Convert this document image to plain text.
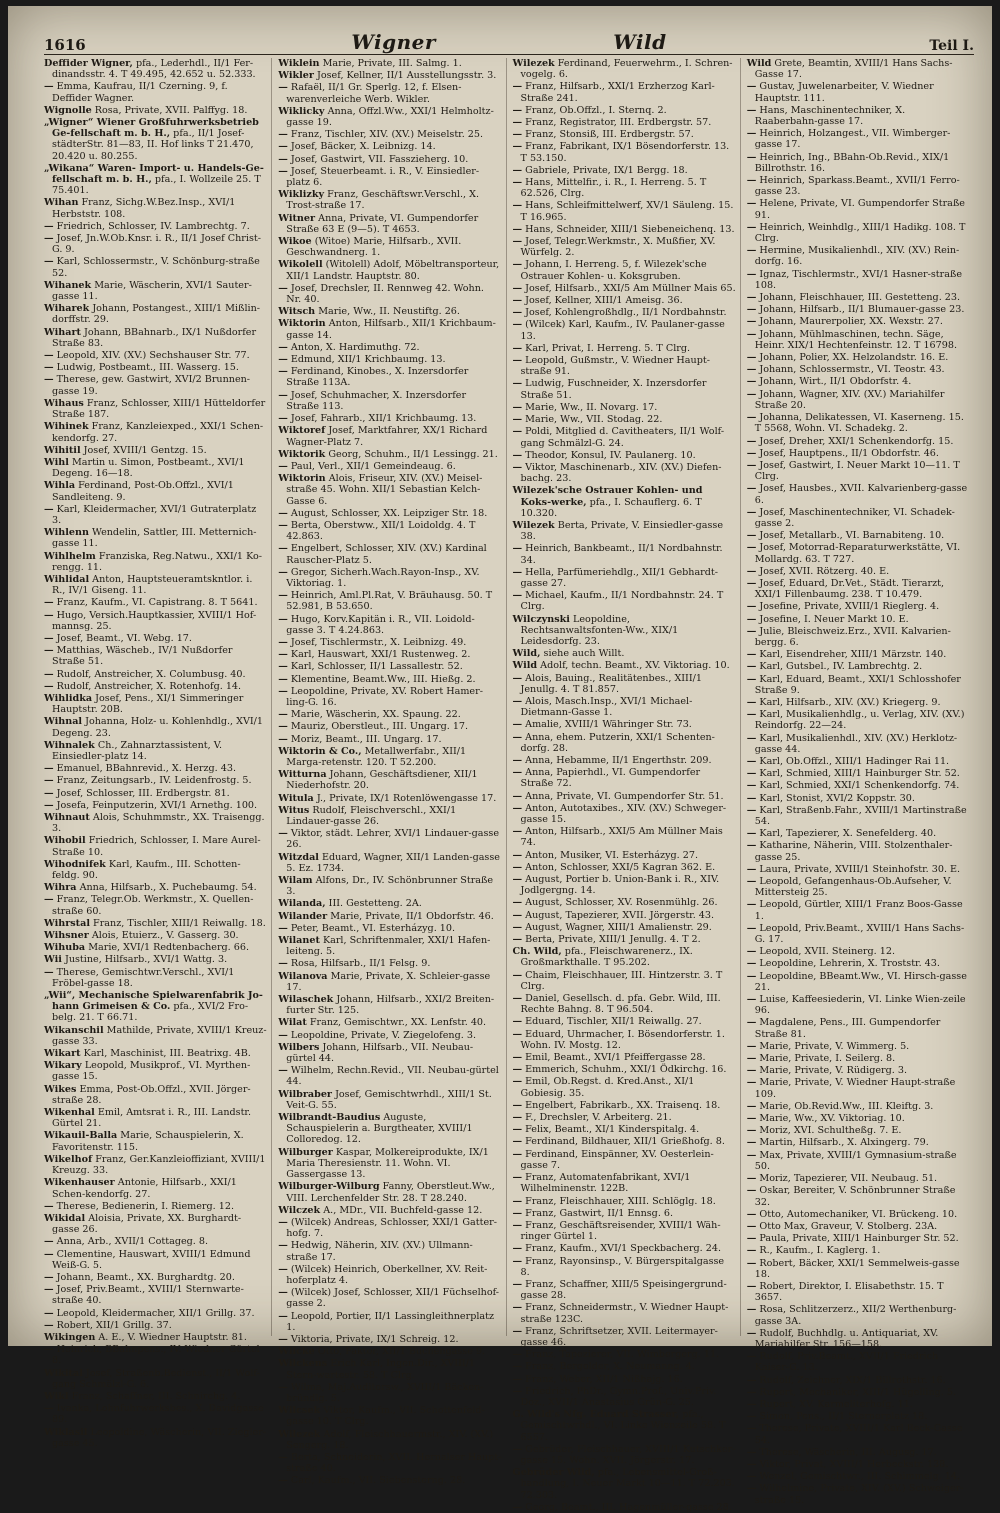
1616	Wigner	Wild	Teil I.

Deffider Wigner, pfa., Lederhdl., II/1 Fer-dinandsstr. 4. T 49.495, 42.652 u. 52.333.

— Emma, Kaufrau, II/1 Czerning. 9, f. Deffider Wagner.

Wignolle Rosa, Private, XVII. Palffyg. 18.

„Wigner“ Wiener Großfuhrwerksbetrieb Ge-fellschaft m. b. H., pfa., II/1 Josef-städterStr. 81—83, II. Hof links T 21.470, 20.420 u. 80.255.

„Wikana“ Waren- Import- u. Handels-Ge-fellschaft m. b. H., pfa., I. Wollzeile 25. T 75.401.

Wihan Franz, Sichg.W.Bez.Insp., XVI/1 Herbststr. 108.

— Friedrich, Schlosser, IV. Lambrechtg. 7.

— Josef, Jn.W.Ob.Knsr. i. R., II/1 Josef Christ-G. 9.

— Karl, Schlossermstr., V. Schönburg-straße 52.

Wihanek Marie, Wäscherin, XVI/1 Sauter-gasse 11.

Wiharek Johann, Postangest., XIII/1 Mißlin-dorffstr. 29.

Wihart Johann, BBahnarb., IX/1 Nußdorfer Straße 83.

— Leopold, XIV. (XV.) Sechshauser Str. 77.

— Ludwig, Postbeamt., III. Wasserg. 15.

— Therese, gew. Gastwirt, XVI/2 Brunnen-gasse 19.

Wihaus Franz, Schlosser, XIII/1 Hütteldorfer Straße 187.

Wihinek Franz, Kanzleiexped., XXI/1 Schen-kendorfg. 27.

Wihitil Josef, XVIII/1 Gentzg. 15.

Wihl Martin u. Simon, Postbeamt., XVI/1 Degeng. 16—18.

Wihla Ferdinand, Post-Ob.Offzl., XVI/1 Sandleiteng. 9.

— Karl, Kleidermacher, XVI/1 Gutraterplatz 3.

Wihlenn Wendelin, Sattler, III. Metternich-gasse 11.

Wihlhelm Franziska, Reg.Natwu., XXI/1 Ko-rengg. 11.

Wihlidal Anton, Hauptsteueramtskntlor. i. R., IV/1 Giseng. 11.

— Franz, Kaufm., VI. Capistrang. 8. T 5641.

— Hugo, Versich.Hauptkassier, XVIII/1 Hof-mannsg. 25.

— Josef, Beamt., VI. Webg. 17.

— Matthias, Wäscheb., IV/1 Nußdorfer Straße 51.

— Rudolf, Anstreicher, X. Columbusg. 40.

— Rudolf, Anstreicher, X. Rotenhofg. 14.

Wihlidka Josef, Pens., XI/1 Simmeringer Hauptstr. 20B.

Wihnal Johanna, Holz- u. Kohlenhdlg., XVI/1 Degeng. 23.

Wihnalek Ch., Zahnarztassistent, V. Einsiedler-platz 14.

— Emanuel, BBahnrevid., X. Herzg. 43.

— Franz, Zeitungsarb., IV. Leidenfrostg. 5.

— Josef, Schlosser, III. Erdbergstr. 81.

— Josefa, Feinputzerin, XVI/1 Arnethg. 100.

Wihnaut Alois, Schuhmmstr., XX. Traisengg. 3.

Wihobil Friedrich, Schlosser, I. Mare Aurel-Straße 10.

Wihodnifek Karl, Kaufm., III. Schotten-feldg. 90.

Wihra Anna, Hilfsarb., X. Puchebaumg. 54.

— Franz, Telegr.Ob. Werkmstr., X. Quellen-straße 60.

Wihrstal Franz, Tischler, XIII/1 Reiwallg. 18.

Wihsner Alois, Etuierz., V. Gasserg. 30.

Wihuba Marie, XVI/1 Redtenbacherg. 66.

Wii Justine, Hilfsarb., XVI/1 Wattg. 3.

— Therese, Gemischtwr.Verschl., XVI/1 Fröbel-gasse 18.

„Wii“, Mechanische Spielwarenfabrik Jo-hann Grimeisen & Co. pfa., XVI/2 Fro-belg. 21. T 66.71.

Wikanschil Mathilde, Private, XVIII/1 Kreuz-gasse 33.

Wikart Karl, Maschinist, III. Beatrixg. 4B.

Wikary Leopold, Musikprof., VI. Myrthen-gasse 15.

Wikes Emma, Post-Ob.Offzl., XVII. Jörger-straße 28.

Wikenhal Emil, Amtsrat i. R., III. Landstr. Gürtel 21.

Wikauil-Balla Marie, Schauspielerin, X. Favoritenstr. 115.

Wikelhof Franz, Ger.Kanzleioffiziant, XVIII/1 Kreuzg. 33.

Wikenhauser Antonie, Hilfsarb., XXI/1 Schen-kendorfg. 27.

— Therese, Bedienerin, I. Riemerg. 12.

Wikidal Aloisia, Private, XX. Burghardt-gasse 26.

— Anna, Arb., XVII/1 Cottageg. 8.

— Clementine, Hauswart, XVIII/1 Edmund Weiß-G. 5.

— Johann, Beamt., XX. Burghardtg. 20.

— Josef, Priv.Beamt., XVIII/1 Sternwarte-straße 40.

— Leopold, Kleidermacher, XII/1 Grillg. 37.

— Robert, XII/1 Grillg. 37.

Wikingen A. E., V. Wiedner Hauptstr. 81.

— Heinrich, BBahnpens., IV. Wiedner Gürtel 8.

Wikital Josef, Straßenb.Bedienst., II/1 Wolf-gang Schmälzl-G. 6.

Wikl Franz, Schaffner, III. Schnirchg. 4.

— Ivanka, Lohnfuhrwerksbes., X. Davidgasse 89.

Wiklasil Leopoldine, Wäscherin, VII. Ziegler-gasse 45.

Wiklein Marie, Private, III. Salmg. 1.

Wikler Josef, Kellner, II/1 Ausstellungsstr. 3.

— Rafaël, II/1 Gr. Sperlg. 12, f. Elsen-warenverleiche Werb. Wikler.

Wiklicky Anna, Offzl.Ww., XXI/1 Helmholtz-gasse 19.

— Franz, Tischler, XIV. (XV.) Meiselstr. 25.

— Josef, Bäcker, X. Leibnizg. 14.

— Josef, Gastwirt, VII. Fasszieherg. 10.

— Josef, Steuerbeamt. i. R., V. Einsiedler-platz 6.

Wiklizky Franz, Geschäftswr.Verschl., X. Trost-straße 17.

Witner Anna, Private, VI. Gumpendorfer Straße 63 E (9—5). T 4653.

Wikoe (Witoe) Marie, Hilfsarb., XVII. Geschwandnerg. 1.

Wikolell (Witolell) Adolf, Möbeltransporteur, XII/1 Landstr. Hauptstr. 80.

— Josef, Drechsler, II. Rennweg 42. Wohn. Nr. 40.

Witsch Marie, Ww., II. Neustiftg. 26.

Wiktorin Anton, Hilfsarb., XII/1 Krichbaum-gasse 14.

— Anton, X. Hardimuthg. 72.

— Edmund, XII/1 Krichbaumg. 13.

— Ferdinand, Kinobes., X. Inzersdorfer Straße 113A.

— Josef, Schuhmacher, X. Inzersdorfer Straße 113.

— Josef, Fahrarb., XII/1 Krichbaumg. 13.

Wiktoref Josef, Marktfahrer, XX/1 Richard Wagner-Platz 7.

Wiktorik Georg, Schuhm., II/1 Lessingg. 21.

— Paul, Verl., XII/1 Gemeindeaug. 6.

Wiktorin Alois, Friseur, XIV. (XV.) Meisel-straße 45. Wohn. XII/1 Sebastian Kelch-Gasse 6.

— August, Schlosser, XX. Leipziger Str. 18.

— Berta, Oberstww., XII/1 Loidoldg. 4. T 42.863.

— Engelbert, Schlosser, XIV. (XV.) Kardinal Rauscher-Platz 5.

— Gregor, Sicherh.Wach.Rayon-Insp., XV. Viktoriag. 1.

— Heinrich, Aml.Pl.Rat, V. Bräuhausg. 50. T 52.981, B 53.650.

— Hugo, Korv.Kapitän i. R., VII. Loidold-gasse 3. T 4.24.863.

— Josef, Tischlermstr., X. Leibnizg. 49.

— Karl, Hauswart, XXI/1 Rustenweg. 2.

— Karl, Schlosser, II/1 Lassallestr. 52.

— Klementine, Beamt.Ww., III. Hießg. 2.

— Leopoldine, Private, XV. Robert Hamer-ling-G. 16.

— Marie, Wäscherin, XX. Spaung. 22.

— Mauriz, Oberstleut., III. Ungarg. 17.

— Moriz, Beamt., III. Ungarg. 17.

Wiktorin & Co., Metallwerfabr., XII/1 Marga-retenstr. 120. T 52.200.

Witturna Johann, Geschäftsdiener, XII/1 Niederhofstr. 20.

Witula J., Private, IX/1 Rotenlöwengasse 17.

Witus Rudolf, Fleischverschl., XXI/1 Lindauer-gasse 26.

— Viktor, städt. Lehrer, XVI/1 Lindauer-gasse 26.

Witzdal Eduard, Wagner, XII/1 Landen-gasse 5. Ez. 1734.

Wilam Alfons, Dr., IV. Schönbrunner Straße 3.

Wilanda, III. Gestetteng. 2A.

Wilander Marie, Private, II/1 Obdorfstr. 46.

— Peter, Beamt., VI. Esterházyg. 10.

Wilanet Karl, Schriftenmaler, XXI/1 Hafen-leiteng. 5.

— Rosa, Hilfsarb., II/1 Felsg. 9.

Wilanova Marie, Private, X. Schleier-gasse 17.

Wilaschek Johann, Hilfsarb., XXI/2 Breiten-furter Str. 125.

Wilat Franz, Gemischtwr., XX. Lenfstr. 40.

— Leopoldine, Private, V. Ziegelofeng. 3.

Wilbers Johann, Hilfsarb., VII. Neubau-gürtel 44.

— Wilhelm, Rechn.Revid., VII. Neubau-gürtel 44.

Wilbraber Josef, Gemischtwrhdl., XIII/1 St. Veit-G. 55.

Wilbrandt-Baudius Auguste, Schauspielerin a. Burgtheater, XVIII/1 Colloredog. 12.

Wilburger Kaspar, Molkereiprodukte, IX/1 Maria Theresienstr. 11. Wohn. VI. Gassergasse 13.

Wilburger-Wilburg Fanny, Oberstleut.Ww., VIII. Lerchenfelder Str. 28. T 28.240.

Wilczek A., MDr., VII. Buchfeld-gasse 12.

— (Wilcek) Andreas, Schlosser, XXI/1 Gatter-hofg. 7.

— Hedwig, Näherin, XIV. (XV.) Ullmann-straße 17.

— (Wilcek) Heinrich, Oberkellner, XV. Reit-hoferplatz 4.

— (Wilcek) Josef, Schlosser, XII/1 Füchselhof-gasse 2.

— Leopold, Portier, II/1 Lassingleithnerplatz 1.

— Viktoria, Private, IX/1 Schreig. 12.

Wilcke Otto, Faktor, XII/1 Buchengasse 9.

Wilckens Erich Karl, Ingen.Dir., XVIII/1 Stern-wartestr. 58. T Clrg.

— Wilma, Maj.Auditorsw., XVIII/1 Bäcken-bründlg. 5.

Wilcsek Viktor, Kaufm., VII. Schottenfeld-gasse 10. T Clrg.

Wilezek Adolf, Fleischhauermstr., XIV. (XV.) Sengerg. 18.

— Berta, Schneiderin, XVII. Hernalser Haupt-straße 40.

— Carl, Kaufm., VII. Siebensterng. 28.

Wilezek Ferdinand, Feuerwehrm., I. Schren-vogelg. 6.

— Franz, Hilfsarb., XXI/1 Erzherzog Karl-Straße 241.

— Franz, Ob.Offzl., I. Sternq. 2.

— Franz, Registrator, III. Erdbergstr. 57.

— Franz, Stonsiß, III. Erdbergstr. 57.

— Franz, Fabrikant, IX/1 Bösendorferstr. 13. T 53.150.

— Gabriele, Private, IX/1 Bergg. 18.

— Hans, Mittelfir., i. R., I. Herreng. 5. T 62.526, Clrg.

— Hans, Schleifmittelwerf, XV/1 Säuleng. 15. T 16.965.

— Hans, Schneider, XIII/1 Siebeneichenq. 13.

— Josef, Telegr.Werkmstr., X. Mußfier, XV. Würfelg. 2.

— Johann, I. Herreng. 5, f. Wilezek'sche Ostrauer Kohlen- u. Koksgruben.

— Josef, Hilfsarb., XXI/5 Am Müllner Mais 65.

— Josef, Kellner, XIII/1 Ameisg. 36.

— Josef, Kohlengroßhdlg., II/1 Nordbahnstr.

— (Wilcek) Karl, Kaufm., IV. Paulaner-gasse 13.

— Karl, Privat, I. Herreng. 5. T Clrg.

— Leopold, Gußmstr., V. Wiedner Haupt-straße 91.

— Ludwig, Fuschneider, X. Inzersdorfer Straße 51.

— Marie, Ww., II. Novarg. 17.

— Marie, Ww., VII. Stodag. 22.

— Poldi, Mitglied d. Cavitheaters, II/1 Wolf-gang Schmälzl-G. 24.

— Theodor, Konsul, IV. Paulanerg. 10.

— Viktor, Maschinenarb., XIV. (XV.) Diefen-bachg. 23.

Wilezek'sche Ostrauer Kohlen- und Koks-werke, pfa., I. Schauflerg. 6. T 10.320.

Wilezek Berta, Private, V. Einsiedler-gasse 38.

— Heinrich, Bankbeamt., II/1 Nordbahnstr. 34.

— Hella, Parfümeriehdlg., XII/1 Gebhardt-gasse 27.

— Michael, Kaufm., II/1 Nordbahnstr. 24. T Clrg.

Wilczynski Leopoldine, Rechtsanwaltsfonten-Ww., XIX/1 Leidesdorfg. 23.

Wild, siehe auch Willt.

Wild Adolf, techn. Beamt., XV. Viktoriag. 10.

— Alois, Bauing., Realitätenbes., XIII/1 Jenullg. 4. T 81.857.

— Alois, Masch.Insp., XVI/1 Michael-Dietmann-Gasse 1.

— Amalie, XVIII/1 Währinger Str. 73.

— Anna, ehem. Putzerin, XXI/1 Schenten-dorfg. 28.

— Anna, Hebamme, II/1 Engerthstr. 209.

— Anna, Papierhdl., VI. Gumpendorfer Straße 72.

— Anna, Private, VI. Gumpendorfer Str. 51.

— Anton, Autotaxibes., XIV. (XV.) Schweger-gasse 15.

— Anton, Hilfsarb., XXI/5 Am Müllner Mais 74.

— Anton, Musiker, VI. Esterházyg. 27.

— Anton, Schlosser, XXI/5 Kagran 362. E.

— August, Portier b. Union-Bank i. R., XIV. Jodlgergng. 14.

— August, Schlosser, XV. Rosenmühlg. 26.

— August, Tapezierer, XVII. Jörgerstr. 43.

— August, Wagner, XIII/1 Amalienstr. 29.

— Berta, Private, XIII/1 Jenullg. 4. T 2.

Ch. Wild, pfa., Fleischwarenerz., IX. Großmarkthalle. T 95.202.

— Chaim, Fleischhauer, III. Hintzerstr. 3. T Clrg.

— Daniel, Gesellsch. d. pfa. Gebr. Wild, III. Rechte Bahng. 8. T 96.504.

— Eduard, Tischler, XII/1 Reiwallg. 27.

— Eduard, Uhrmacher, I. Bösendorferstr. 1. Wohn. IV. Mostg. 12.

— Emil, Beamt., XVI/1 Pfeiffergasse 28.

— Emmerich, Schuhm., XXI/1 Ödkirchg. 16.

— Emil, Ob.Regst. d. Kred.Anst., XI/1 Gobiesig. 35.

— Engelbert, Fabrikarb., XX. Traisenq. 18.

— F., Drechsler, V. Arbeiterg. 21.

— Felix, Beamt., XI/1 Kinderspitalg. 4.

— Ferdinand, Bildhauer, XII/1 Grießhofg. 8.

— Ferdinand, Einspänner, XV. Oesterlein-gasse 7.

— Franz, Automatenfabrikant, XVI/1 Wilhelminenstr. 122B.

— Franz, Fleischhauer, XIII. Schlöglg. 18.

— Franz, Gastwirt, II/1 Ennsg. 6.

— Franz, Geschäftsreisender, XVIII/1 Wäh-ringer Gürtel 1.

— Franz, Kaufm., XVI/1 Speckbacherg. 24.

— Franz, Rayonsinsp., V. Bürgerspitalgasse 8.

— Franz, Schaffner, XIII/5 Speisingergrund-gasse 28.

— Franz, Schneidermstr., V. Wiedner Haupt-straße 123C.

— Franz, Schriftsetzer, XVII. Leitermayer-gasse 46.

— Franz, Tapezierer, VII. Wimbergerg. 11.

— Franz, Bergolder, X. Neumanng. 4.

— Franz, Weber, XII/1 Nißhajg. 16.

— Friedrich, PhDr., Gymn.Prof., Univ.Priv. Doz., XVII/1 Anastasius Grün-G. 25.

G. Wild's Nfg. Eduard Strasser, pfa., Gemischtwrhdl., VI. Linke Wienzeile 58. T 6557.

— Gebrüder, Fleischhauer, XVIII/1 Kutschker-gasse 15. Wohn. XVII. Jörgerstr. 17.

Gebrüder Wild, pfa., Lebensmittel-Groß-handlung, I. Neuer Markt 10—11. T 72.203. 72.303.

— Georg, Beamt., III. Hagenmüller-gasse 28.

Wild Grete, Beamtin, XVIII/1 Hans Sachs-Gasse 17.

— Gustav, Juwelenarbeiter, V. Wiedner Hauptstr. 111.

— Hans, Maschinentechniker, X. Raaberbahn-gasse 17.

— Heinrich, Holzangest., VII. Wimberger-gasse 17.

— Heinrich, Ing., BBahn-Ob.Revid., XIX/1 Billrothstr. 16.

— Heinrich, Sparkass.Beamt., XVII/1 Ferro-gasse 23.

— Helene, Private, VI. Gumpendorfer Straße 91.

— Heinrich, Weinhdlg., XIII/1 Hadikg. 108. T Clrg.

— Hermine, Musikalienhdl., XIV. (XV.) Rein-dorfg. 16.

— Ignaz, Tischlermstr., XVI/1 Hasner-straße 108.

— Johann, Fleischhauer, III. Gestetteng. 23.

— Johann, Hilfsarb., II/1 Blumauer-gasse 23.

— Johann, Maurerpolier, XX. Wexstr. 27.

— Johann, Mühlmaschinen, techn. Säge, Heinr. XIX/1 Hechtenfeinstr. 12. T 16798.

— Johann, Polier, XX. Helzolandstr. 16. E.

— Johann, Schlossermstr., VI. Teostr. 43.

— Johann, Wirt., II/1 Obdorfstr. 4.

— Johann, Wagner, XIV. (XV.) Mariahilfer Straße 20.

— Johanna, Delikatessen, VI. Kaserneng. 15. T 5568, Wohn. VI. Schadekg. 2.

— Josef, Dreher, XXI/1 Schenkendorfg. 15.

— Josef, Hauptpens., II/1 Obdorfstr. 46.

— Josef, Gastwirt, I. Neuer Markt 10—11. T Clrg.

— Josef, Hausbes., XVII. Kalvarienberg-gasse 6.

— Josef, Maschinentechniker, VI. Schadek-gasse 2.

— Josef, Metallarb., VI. Barnabiteng. 10.

— Josef, Motorrad-Reparaturwerkstätte, VI. Mollardg. 63. T 727.

— Josef, XVII. Rötzerg. 40. E.

— Josef, Eduard, Dr.Vet., Städt. Tierarzt, XXI/1 Fillenbaumg. 238. T 10.479.

— Josefine, Private, XVIII/1 Rieglerg. 4.

— Josefine, I. Neuer Markt 10. E.

— Julie, Bleischweiz.Erz., XVII. Kalvarien-bergg. 6.

— Karl, Eisendreher, XIII/1 Märzstr. 140.

— Karl, Gutsbel., IV. Lambrechtg. 2.

— Karl, Eduard, Beamt., XXI/1 Schlosshofer Straße 9.

— Karl, Hilfsarb., XIV. (XV.) Kriegerg. 9.

— Karl, Musikalienhdlg., u. Verlag, XIV. (XV.) Reindorfg. 22—24.

— Karl, Musikalienhdl., XIV. (XV.) Herklotz-gasse 44.

— Karl, Ob.Offzl., XIII/1 Hadinger Rai 11.

— Karl, Schmied, XIII/1 Hainburger Str. 52.

— Karl, Schmied, XXI/1 Schenkendorfg. 74.

— Karl, Stonist, XVI/2 Koppstr. 30.

— Karl, Straßenb.Fahr., XVIII/1 Martinstraße 54.

— Karl, Tapezierer, X. Senefelderg. 40.

— Katharine, Näherin, VIII. Stolzenthaler-gasse 25.

— Laura, Private, XVIII/1 Steinhofstr. 30. E.

— Leopold, Gefangenhaus-Ob.Aufseher, V. Mittersteig 25.

— Leopold, Gürtler, XIII/1 Franz Boos-Gasse 1.

— Leopold, Priv.Beamt., XVIII/1 Hans Sachs-G. 17.

— Leopold, XVII. Steinerg. 12.

— Leopoldine, Lehrerin, X. Troststr. 43.

— Leopoldine, BBeamt.Ww., VI. Hirsch-gasse 21.

— Luise, Kaffeesiederin, VI. Linke Wien-zeile 96.

— Magdalene, Pens., III. Gumpendorfer Straße 81.

— Marie, Private, V. Wimmerg. 5.

— Marie, Private, I. Seilerg. 8.

— Marie, Private, V. Rüdigerg. 3.

— Marie, Private, V. Wiedner Haupt-straße 109.

— Marie, Ob.Revid.Ww., III. Kleiftg. 3.

— Marie, Ww., XV. Viktoriag. 10.

— Moriz, XVI. Schultheßg. 7. E.

— Martin, Hilfsarb., X. Alxingerg. 79.

— Max, Private, XVIII/1 Gymnasium-straße 50.

— Moriz, Tapezierer, VII. Neubaug. 51.

— Oskar, Bereiter, V. Schönbrunner Straße 32.

— Otto, Automechaniker, VI. Brückeng. 10.

— Otto Max, Graveur, V. Stolberg. 23A.

— Paula, Private, XIII/1 Hainburger Str. 52.

— R., Kaufm., I. Kaglerg. 1.

— Robert, Bäcker, XXI/1 Semmelweis-gasse 18.

— Robert, Direktor, I. Elisabethstr. 15. T 3657.

— Rosa, Schlitzerzerz., XII/2 Werthenburg-gasse 3A.

— Rudolf, Buchhdlg. u. Antiquariat, XV. Mariahilfer Str. 156—158.

— Rudolf, Priv.Beamt., XVII/1 Friedrich Kaiser-G. 13.

— Rudolf, Zeichner, XIX/1 Billrothstr. 16.

— Rupert, Mechaniker, XIII/1 Hügelling. 5.

— Rupert, XV. Karmeliterhofg. 11.

— Simon, Pens., II/1 Sternerplatz 18.

— Therese, Private, XVIII/1 Karl Beck-Gasse 54.

— Therese, Wäscherin, III. Augusg. 17.

— Viktor, Privat, XVIII/1 Herbeckstr. 138.

— Wenzel, Gemischtwr., III. Schimmelg. 14.

— Wilhelmine, Private, XIV. (XV.) Schweiger-straße 15.
